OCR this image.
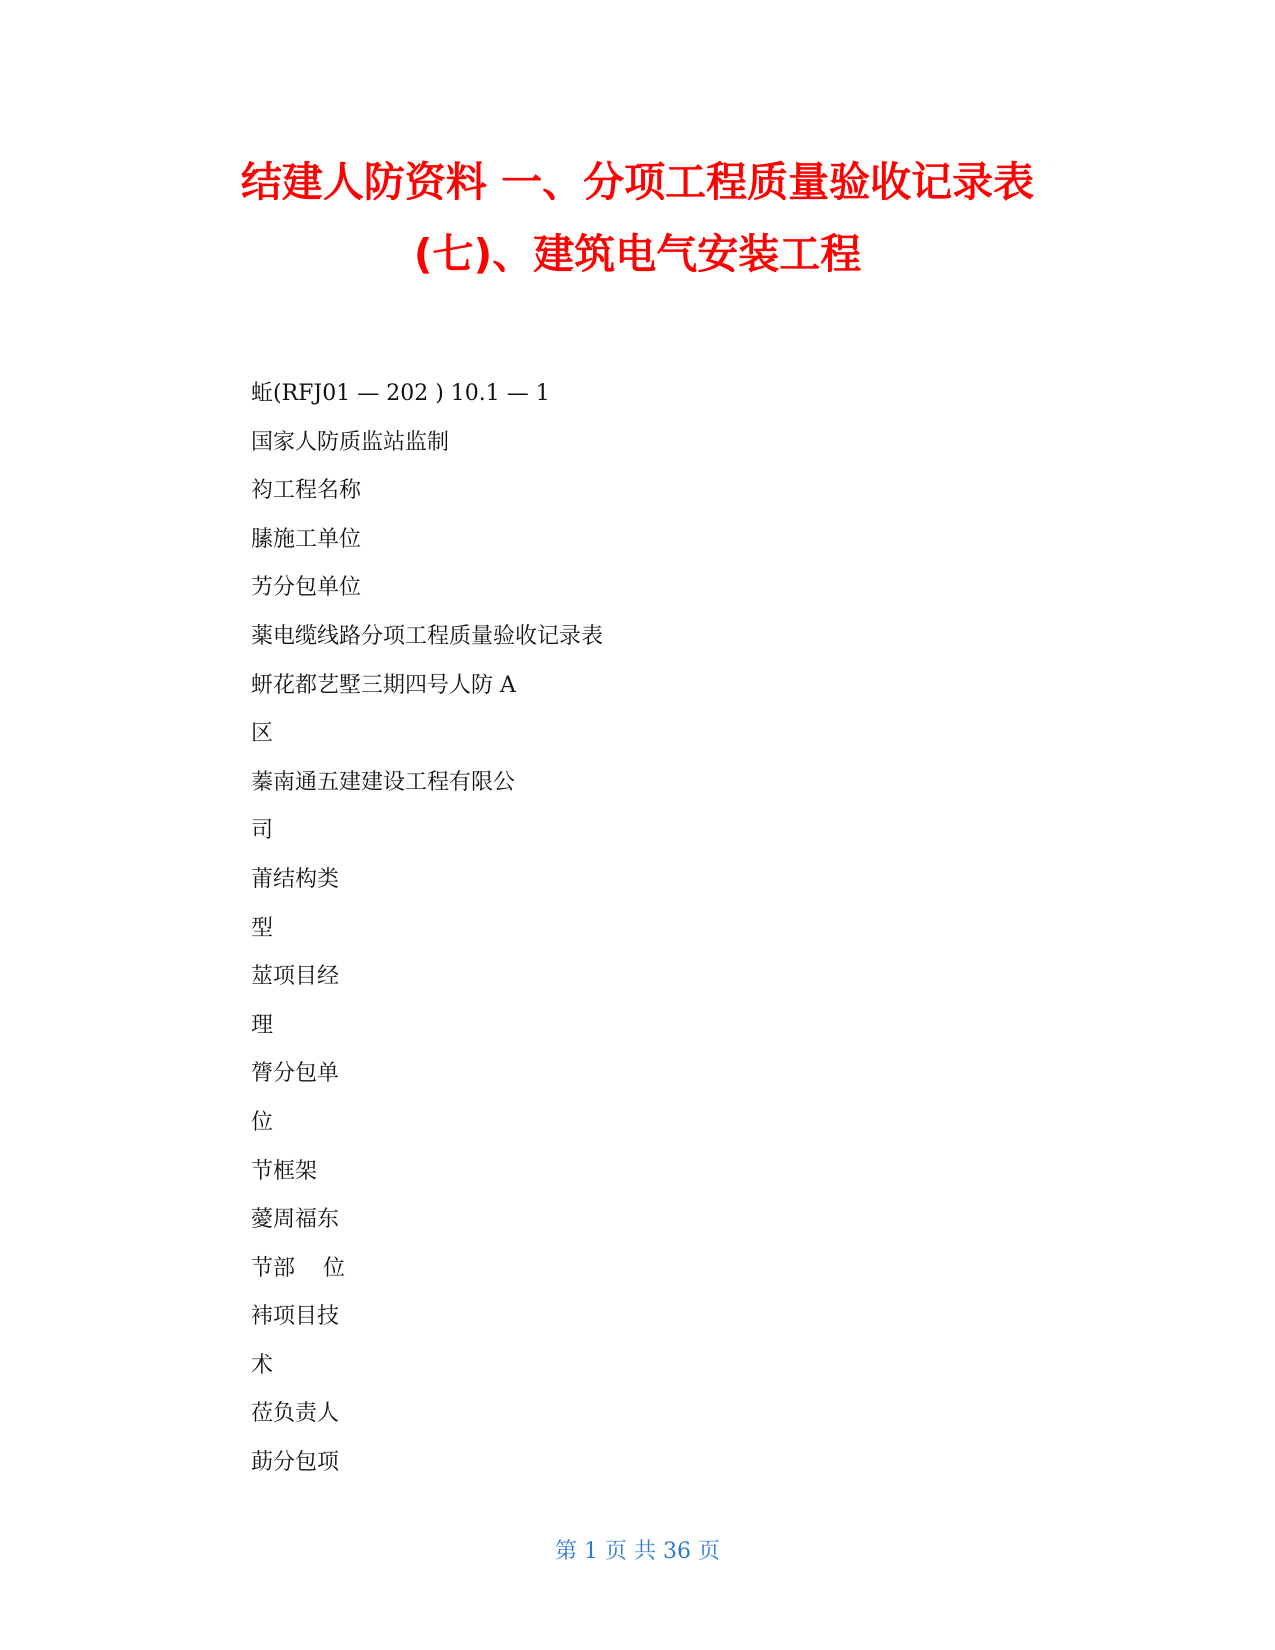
结建人防资料 一、分项工程质量验收记录表
(七)、建筑电气安装工程
蚯(RFJ01 — 202 ) 10.1 — 1
国家人防质监站监制
袀工程名称
膆施工单位
艻分包单位
薬电缆线路分项工程质量验收记录表
蚈花都艺墅三期四号人防 A
区
蓁南通五建建设工程有限公
司
莆结构类
型
莁项目经
理
膂分包单
位
节框架
薆周福东
节部    位
袆项目技
术
莅负责人
莇分包项
第 1 页 共 36 页
